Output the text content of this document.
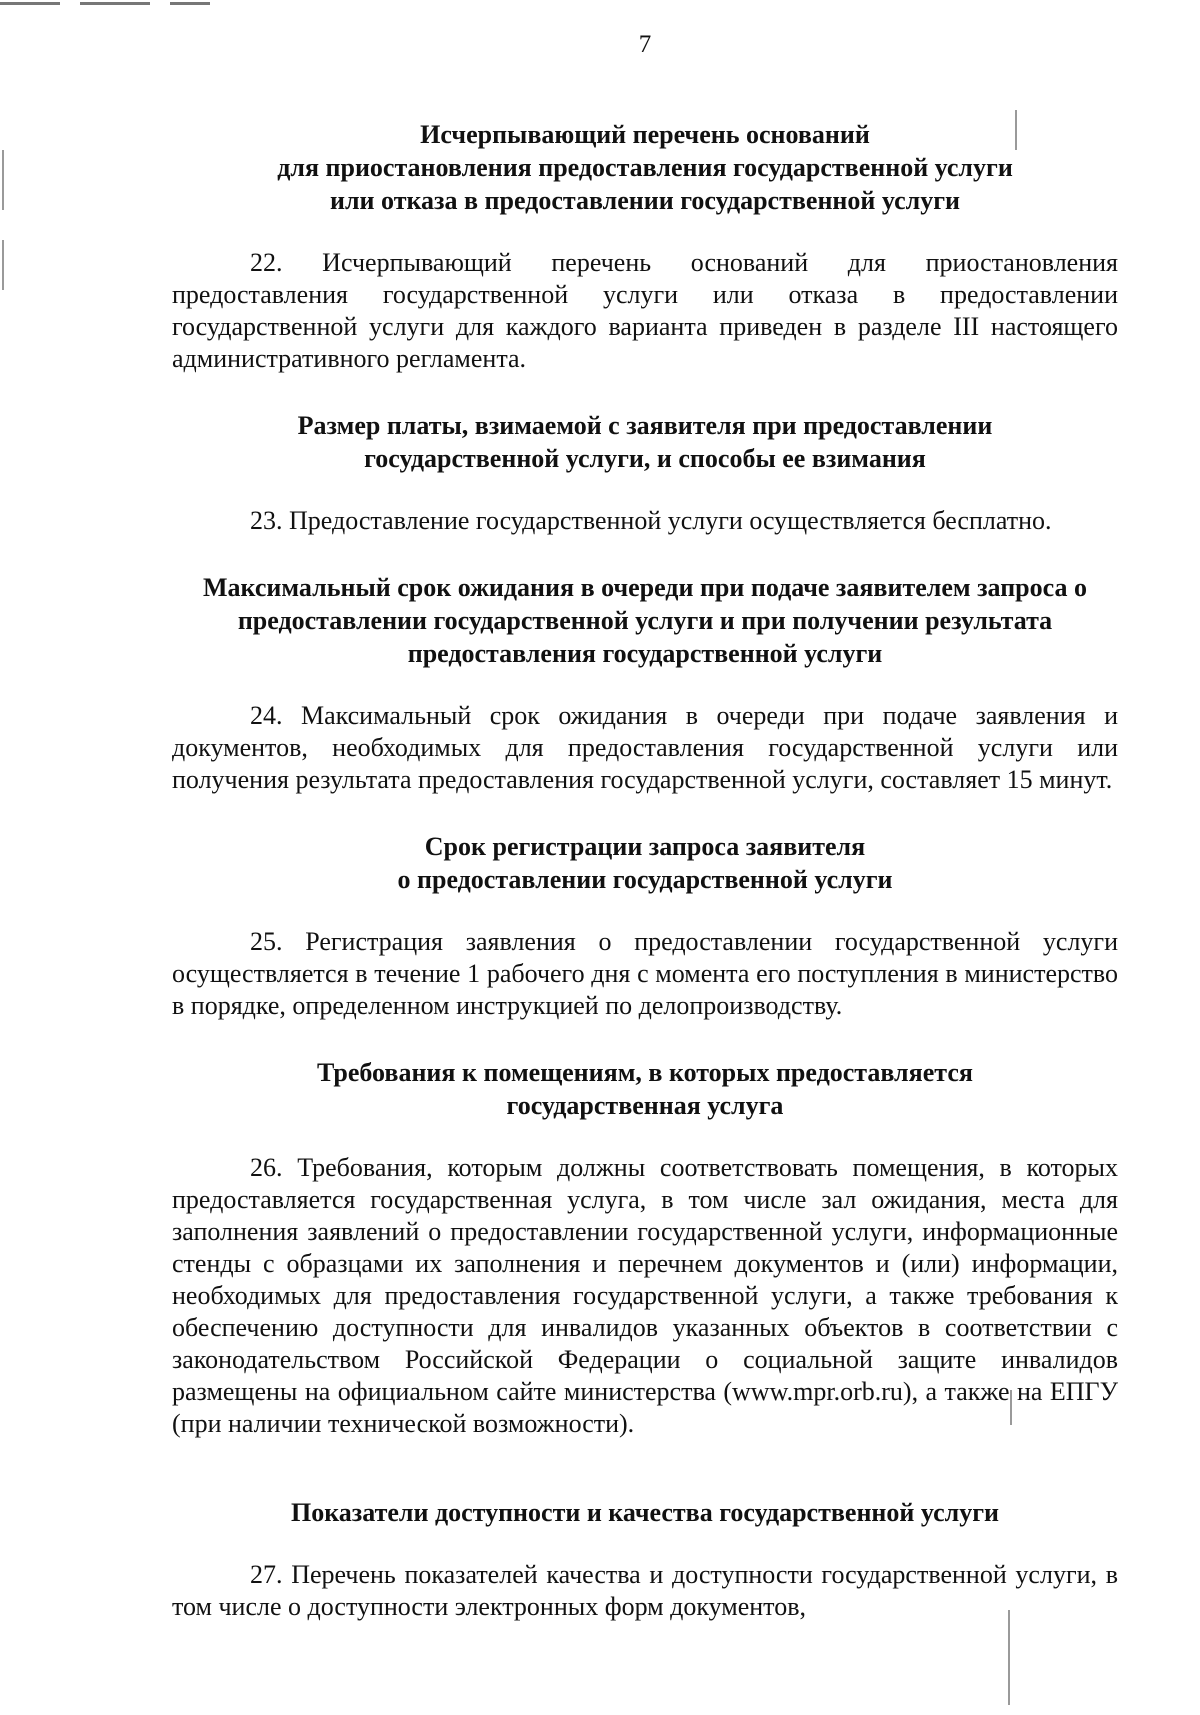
7
Исчерпывающий перечень оснований
для приостановления предоставления государственной услуги
или отказа в предоставлении государственной услуги

22. Исчерпывающий перечень оснований для приостановления предоставления государственной услуги или отказа в предоставлении государственной услуги для каждого варианта приведен в разделе III настоящего административного регламента.

Размер платы, взимаемой с заявителя при предоставлении
государственной услуги, и способы ее взимания

23. Предоставление государственной услуги осуществляется бесплатно.

Максимальный срок ожидания в очереди при подаче заявителем запроса о
предоставлении государственной услуги и при получении результата
предоставления государственной услуги

24. Максимальный срок ожидания в очереди при подаче заявления и документов, необходимых для предоставления государственной услуги или получения результата предоставления государственной услуги, составляет 15 минут.

Срок регистрации запроса заявителя
о предоставлении государственной услуги

25. Регистрация заявления о предоставлении государственной услуги осуществляется в течение 1 рабочего дня с момента его поступления в министерство в порядке, определенном инструкцией по делопроизводству.

Требования к помещениям, в которых предоставляется
государственная услуга

26. Требования, которым должны соответствовать помещения, в которых предоставляется государственная услуга, в том числе зал ожидания, места для заполнения заявлений о предоставлении государственной услуги, информационные стенды с образцами их заполнения и перечнем документов и (или) информации, необходимых для предоставления государственной услуги, а также требования к обеспечению доступности для инвалидов указанных объектов в соответствии с законодательством Российской Федерации о социальной защите инвалидов размещены на официальном сайте министерства (www.mpr.orb.ru), а также на ЕПГУ (при наличии технической возможности).

Показатели доступности и качества государственной услуги

27. Перечень показателей качества и доступности государственной услуги, в том числе о доступности электронных форм документов,
